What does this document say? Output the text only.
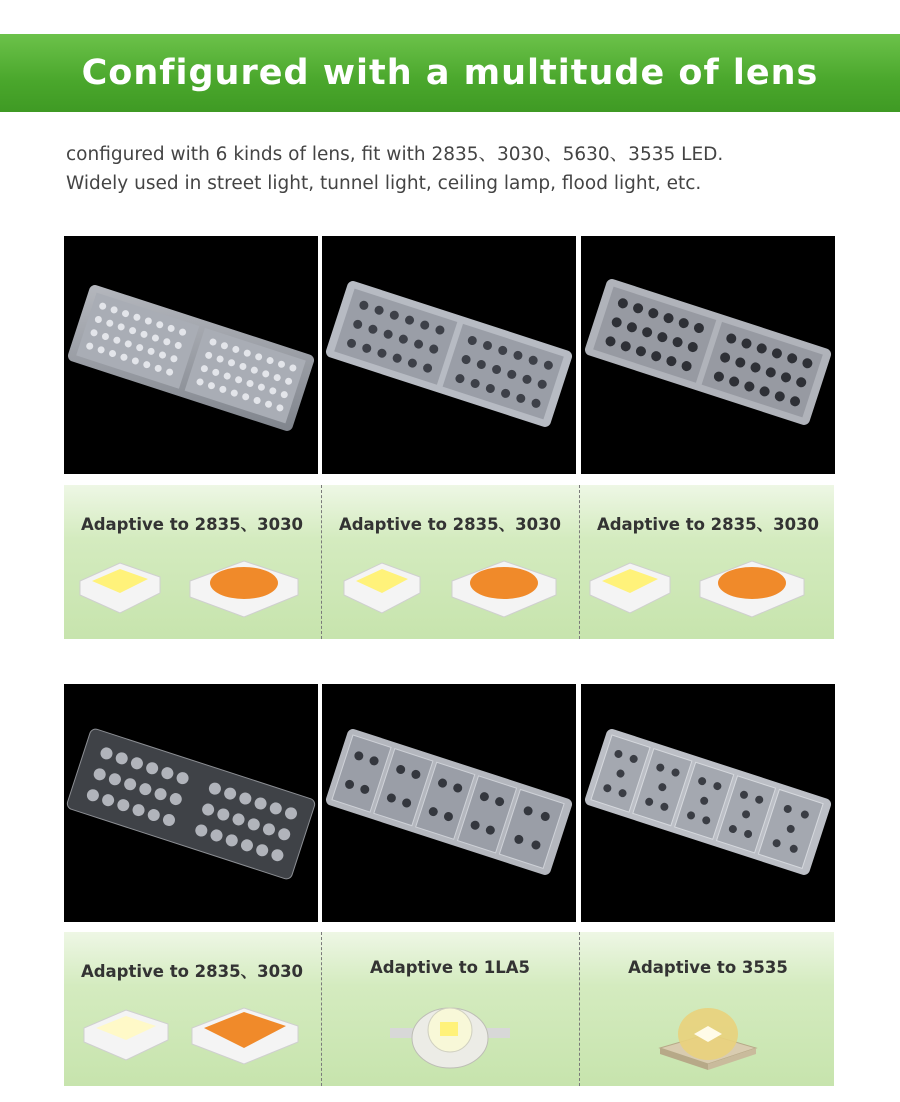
Configured with a multitude of lens

configured with 6 kinds of lens, fit with 2835、3030、5630、3535 LED.

Widely used in street light, tunnel light, ceiling lamp, flood light, etc.

Adaptive to 2835、3030	Adaptive to 2835、3030	Adaptive to 2835、3030
Adaptive to 2835、3030	Adaptive to 1LA5	Adaptive to 3535
